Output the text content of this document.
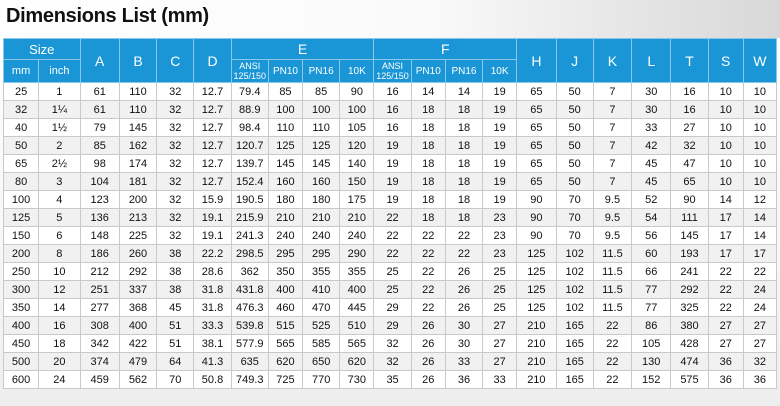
Dimensions List (mm)
Size		A	B	C	D	E				F				H	J	K	L	T	S	W
mm	inch					ANSI 125/150	PN10	PN16	10K	ANSI 125/150	PN10	PN16	10K							
25	1	61	110	32	12.7	79.4	85	85	90	16	14	14	19	65	50	7	30	16	10	10
32	1¼	61	110	32	12.7	88.9	100	100	100	16	18	18	19	65	50	7	30	16	10	10
40	1½	79	145	32	12.7	98.4	110	110	105	16	18	18	19	65	50	7	33	27	10	10
50	2	85	162	32	12.7	120.7	125	125	120	19	18	18	19	65	50	7	42	32	10	10
65	2½	98	174	32	12.7	139.7	145	145	140	19	18	18	19	65	50	7	45	47	10	10
80	3	104	181	32	12.7	152.4	160	160	150	19	18	18	19	65	50	7	45	65	10	10
100	4	123	200	32	15.9	190.5	180	180	175	19	18	18	19	90	70	9.5	52	90	14	12
125	5	136	213	32	19.1	215.9	210	210	210	22	18	18	23	90	70	9.5	54	111	17	14
150	6	148	225	32	19.1	241.3	240	240	240	22	22	22	23	90	70	9.5	56	145	17	14
200	8	186	260	38	22.2	298.5	295	295	290	22	22	22	23	125	102	11.5	60	193	17	17
250	10	212	292	38	28.6	362	350	355	355	25	22	26	25	125	102	11.5	66	241	22	22
300	12	251	337	38	31.8	431.8	400	410	400	25	22	26	25	125	102	11.5	77	292	22	24
350	14	277	368	45	31.8	476.3	460	470	445	29	22	26	25	125	102	11.5	77	325	22	24
400	16	308	400	51	33.3	539.8	515	525	510	29	26	30	27	210	165	22	86	380	27	27
450	18	342	422	51	38.1	577.9	565	585	565	32	26	30	27	210	165	22	105	428	27	27
500	20	374	479	64	41.3	635	620	650	620	32	26	33	27	210	165	22	130	474	36	32
600	24	459	562	70	50.8	749.3	725	770	730	35	26	36	33	210	165	22	152	575	36	36
